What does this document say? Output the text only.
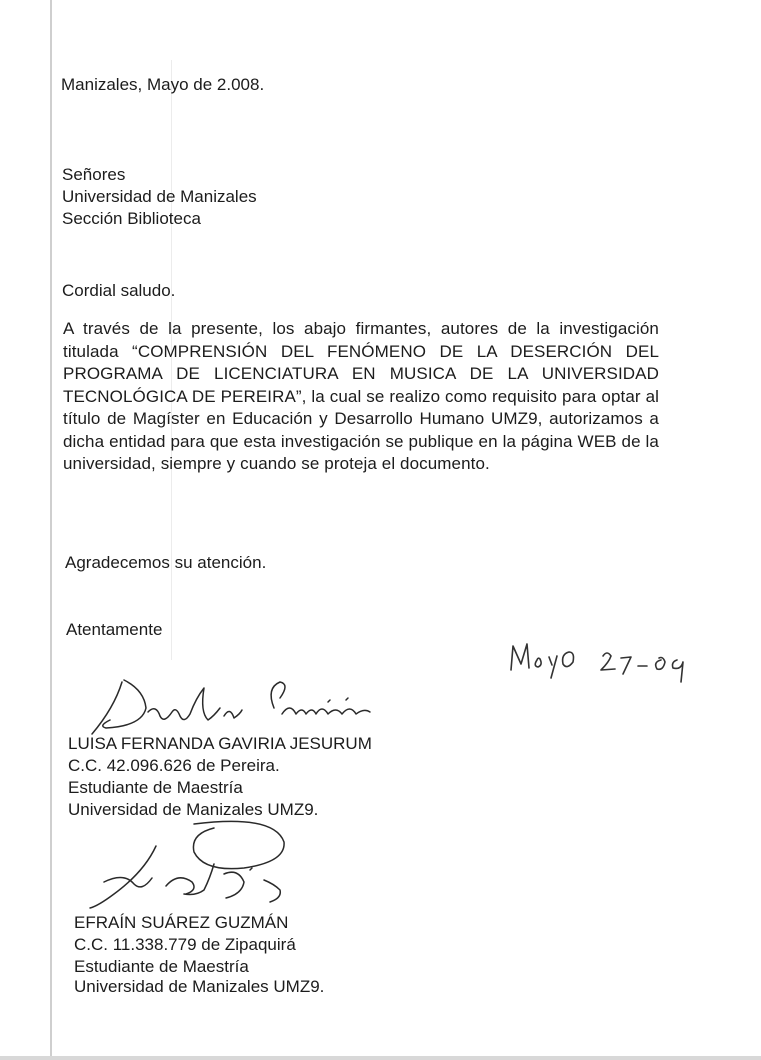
Manizales, Mayo de 2.008.

Señores

Universidad de Manizales

Sección Biblioteca

Cordial saludo.

A través de la presente, los abajo firmantes, autores de la investigación titulada “COMPRENSIÓN DEL FENÓMENO DE LA DESERCIÓN DEL PROGRAMA DE LICENCIATURA EN MUSICA DE LA UNIVERSIDAD TECNOLÓGICA DE PEREIRA”, la cual se realizo como requisito para optar al título de Magíster en Educación y Desarrollo Humano UMZ9, autorizamos a dicha entidad para que esta investigación se publique en la página WEB de la universidad, siempre y cuando se proteja el documento.

Agradecemos su atención.

Atentamente

LUISA FERNANDA GAVIRIA JESURUM

C.C. 42.096.626 de Pereira.

Estudiante de Maestría

Universidad de Manizales UMZ9.

EFRAÍN SUÁREZ GUZMÁN

C.C. 11.338.779 de Zipaquirá

Estudiante de Maestría

Universidad de Manizales UMZ9.
